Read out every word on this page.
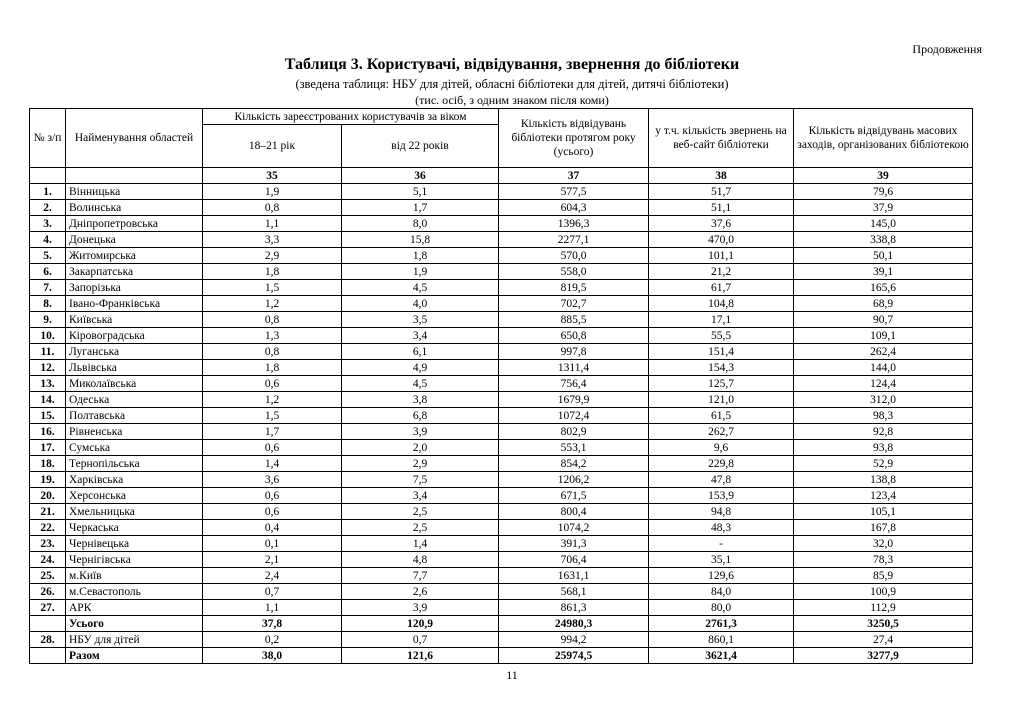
Продовження
Таблиця 3. Користувачі, відвідування, звернення до бібліотеки
(зведена таблиця: НБУ для дітей, обласні бібліотеки для дітей, дитячі бібліотеки)
(тис. осіб, з одним знаком після коми)
№ з/п	Найменування областей	Кількість зареєстрованих користувачів за віком		Кількість відвідувань бібліотеки протягом року (усього)	у т.ч. кількість звернень на веб-сайт бібліотеки	Кількість відвідувань масових заходів, організованих бібліотекою
		18–21 рік	від 22 років			
		35	36	37	38	39
1.	Вінницька	1,9	5,1	577,5	51,7	79,6
2.	Волинська	0,8	1,7	604,3	51,1	37,9
3.	Дніпропетровська	1,1	8,0	1396,3	37,6	145,0
4.	Донецька	3,3	15,8	2277,1	470,0	338,8
5.	Житомирська	2,9	1,8	570,0	101,1	50,1
6.	Закарпатська	1,8	1,9	558,0	21,2	39,1
7.	Запорізька	1,5	4,5	819,5	61,7	165,6
8.	Івано-Франківська	1,2	4,0	702,7	104,8	68,9
9.	Київська	0,8	3,5	885,5	17,1	90,7
10.	Кіровоградська	1,3	3,4	650,8	55,5	109,1
11.	Луганська	0,8	6,1	997,8	151,4	262,4
12.	Львівська	1,8	4,9	1311,4	154,3	144,0
13.	Миколаївська	0,6	4,5	756,4	125,7	124,4
14.	Одеська	1,2	3,8	1679,9	121,0	312,0
15.	Полтавська	1,5	6,8	1072,4	61,5	98,3
16.	Рівненська	1,7	3,9	802,9	262,7	92,8
17.	Сумська	0,6	2,0	553,1	9,6	93,8
18.	Тернопільська	1,4	2,9	854,2	229,8	52,9
19.	Харківська	3,6	7,5	1206,2	47,8	138,8
20.	Херсонська	0,6	3,4	671,5	153,9	123,4
21.	Хмельницька	0,6	2,5	800,4	94,8	105,1
22.	Черкаська	0,4	2,5	1074,2	48,3	167,8
23.	Чернівецька	0,1	1,4	391,3	-	32,0
24.	Чернігівська	2,1	4,8	706,4	35,1	78,3
25.	м.Київ	2,4	7,7	1631,1	129,6	85,9
26.	м.Севастополь	0,7	2,6	568,1	84,0	100,9
27.	АРК	1,1	3,9	861,3	80,0	112,9
	Усього	37,8	120,9	24980,3	2761,3	3250,5
28.	НБУ для дітей	0,2	0,7	994,2	860,1	27,4
	Разом	38,0	121,6	25974,5	3621,4	3277,9
11
